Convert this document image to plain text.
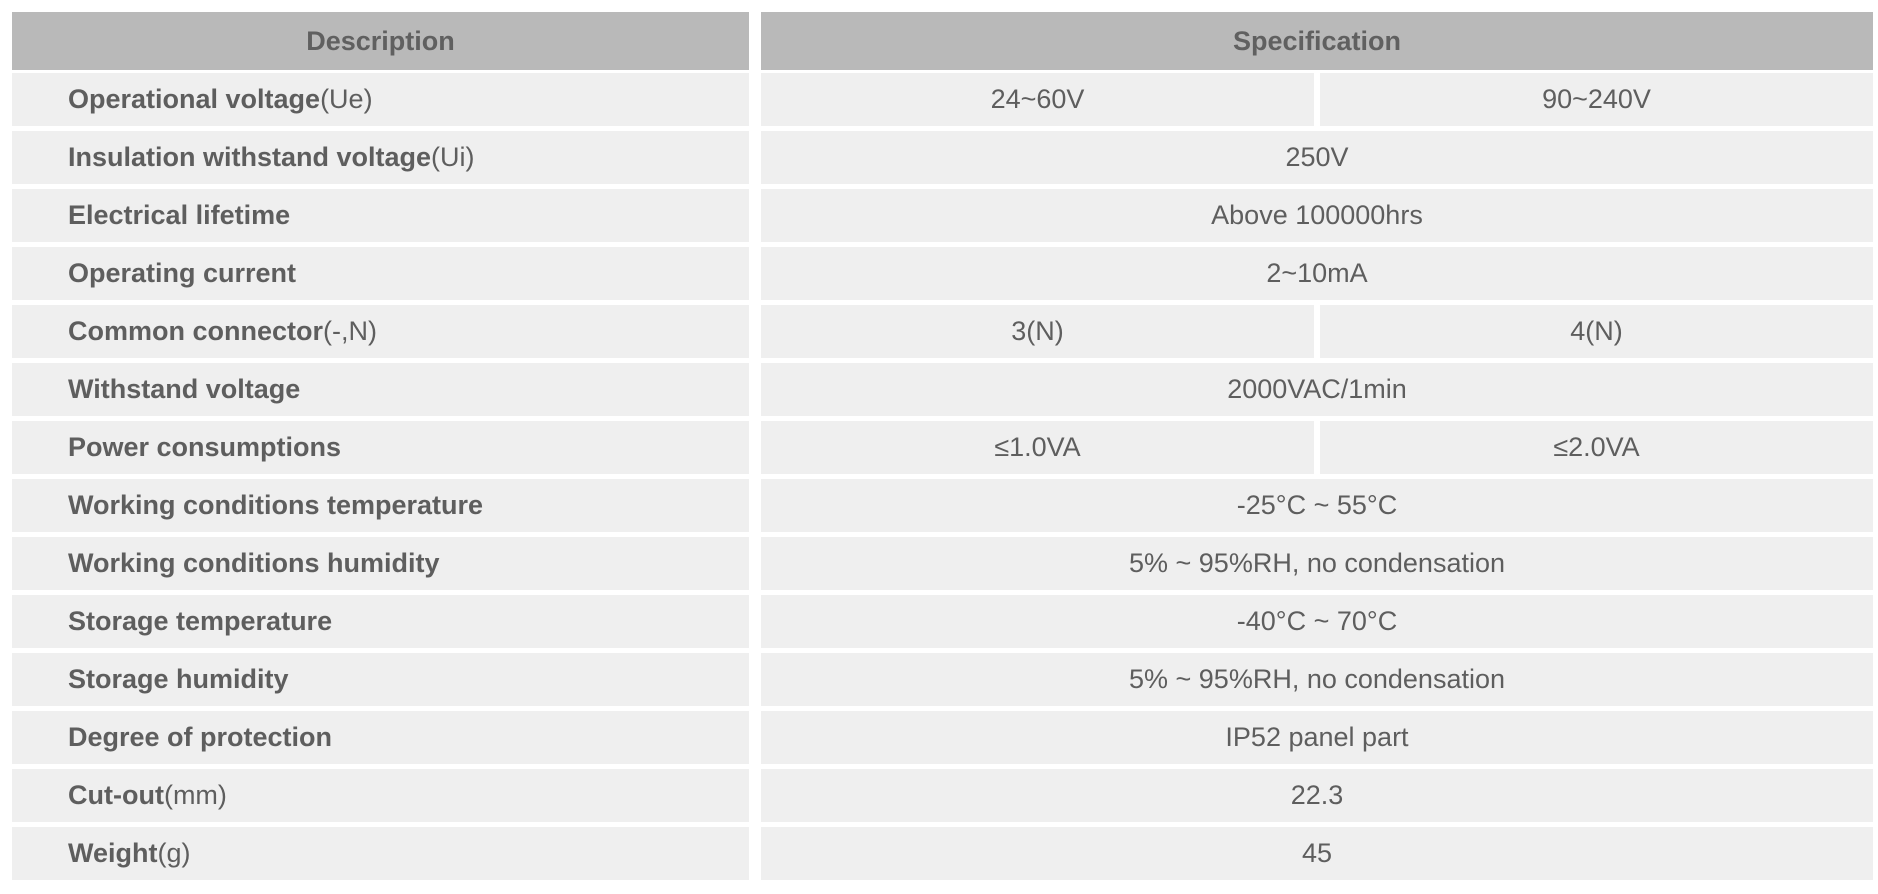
Description	Specification
Operational voltage (Ue)	24~60V	90~240V
Insulation withstand voltage (Ui)	250V
Electrical lifetime	Above 100000hrs
Operating current	2~10mA
Common connector (-,N)	3(N)	4(N)
Withstand voltage	2000VAC/1min
Power consumptions	≤1.0VA	≤2.0VA
Working conditions temperature	-25°C ~ 55°C
Working conditions humidity	5% ~ 95%RH, no condensation
Storage temperature	-40°C ~ 70°C
Storage humidity	5% ~ 95%RH, no condensation
Degree of protection	IP52 panel part
Cut-out (mm)	22.3
Weight (g)	45
